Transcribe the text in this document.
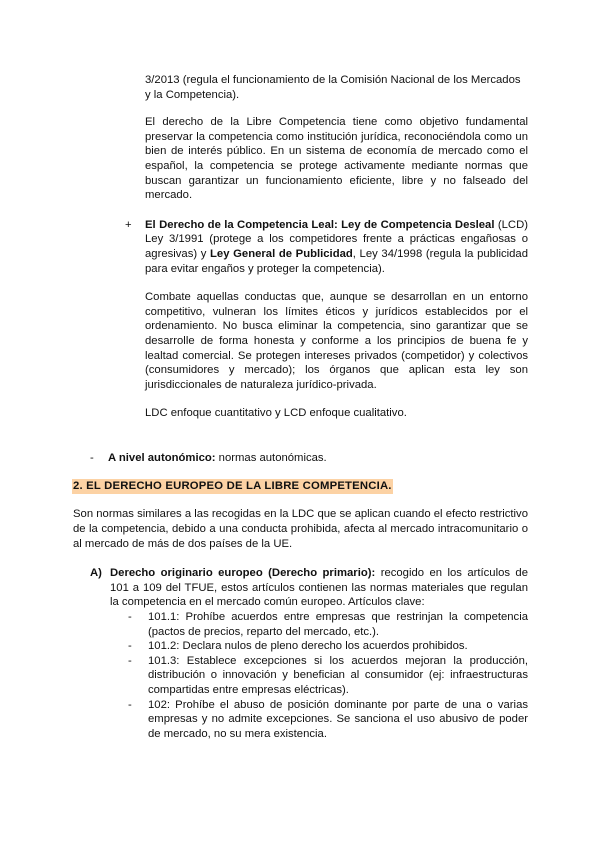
3/2013 (regula el funcionamiento de la Comisión Nacional de los Mercados y la Competencia).
El derecho de la Libre Competencia tiene como objetivo fundamental preservar la competencia como institución jurídica, reconociéndola como un bien de interés público. En un sistema de economía de mercado como el español, la competencia se protege activamente mediante normas que buscan garantizar un funcionamiento eficiente, libre y no falseado del mercado.
+ El Derecho de la Competencia Leal: Ley de Competencia Desleal (LCD) Ley 3/1991 (protege a los competidores frente a prácticas engañosas o agresivas) y Ley General de Publicidad, Ley 34/1998 (regula la publicidad para evitar engaños y proteger la competencia).
Combate aquellas conductas que, aunque se desarrollan en un entorno competitivo, vulneran los límites éticos y jurídicos establecidos por el ordenamiento. No busca eliminar la competencia, sino garantizar que se desarrolle de forma honesta y conforme a los principios de buena fe y lealtad comercial. Se protegen intereses privados (competidor) y colectivos (consumidores y mercado); los órganos que aplican esta ley son jurisdiccionales de naturaleza jurídico-privada.
LDC enfoque cuantitativo y LCD enfoque cualitativo.
- A nivel autonómico: normas autonómicas.
2. EL DERECHO EUROPEO DE LA LIBRE COMPETENCIA.
Son normas similares a las recogidas en la LDC que se aplican cuando el efecto restrictivo de la competencia, debido a una conducta prohibida, afecta al mercado intracomunitario o al mercado de más de dos países de la UE.
A) Derecho originario europeo (Derecho primario): recogido en los artículos de 101 a 109 del TFUE, estos artículos contienen las normas materiales que regulan la competencia en el mercado común europeo. Artículos clave:
- 101.1: Prohíbe acuerdos entre empresas que restrinjan la competencia (pactos de precios, reparto del mercado, etc.).
- 101.2: Declara nulos de pleno derecho los acuerdos prohibidos.
- 101.3: Establece excepciones si los acuerdos mejoran la producción, distribución o innovación y benefician al consumidor (ej: infraestructuras compartidas entre empresas eléctricas).
- 102: Prohíbe el abuso de posición dominante por parte de una o varias empresas y no admite excepciones. Se sanciona el uso abusivo de poder de mercado, no su mera existencia.
